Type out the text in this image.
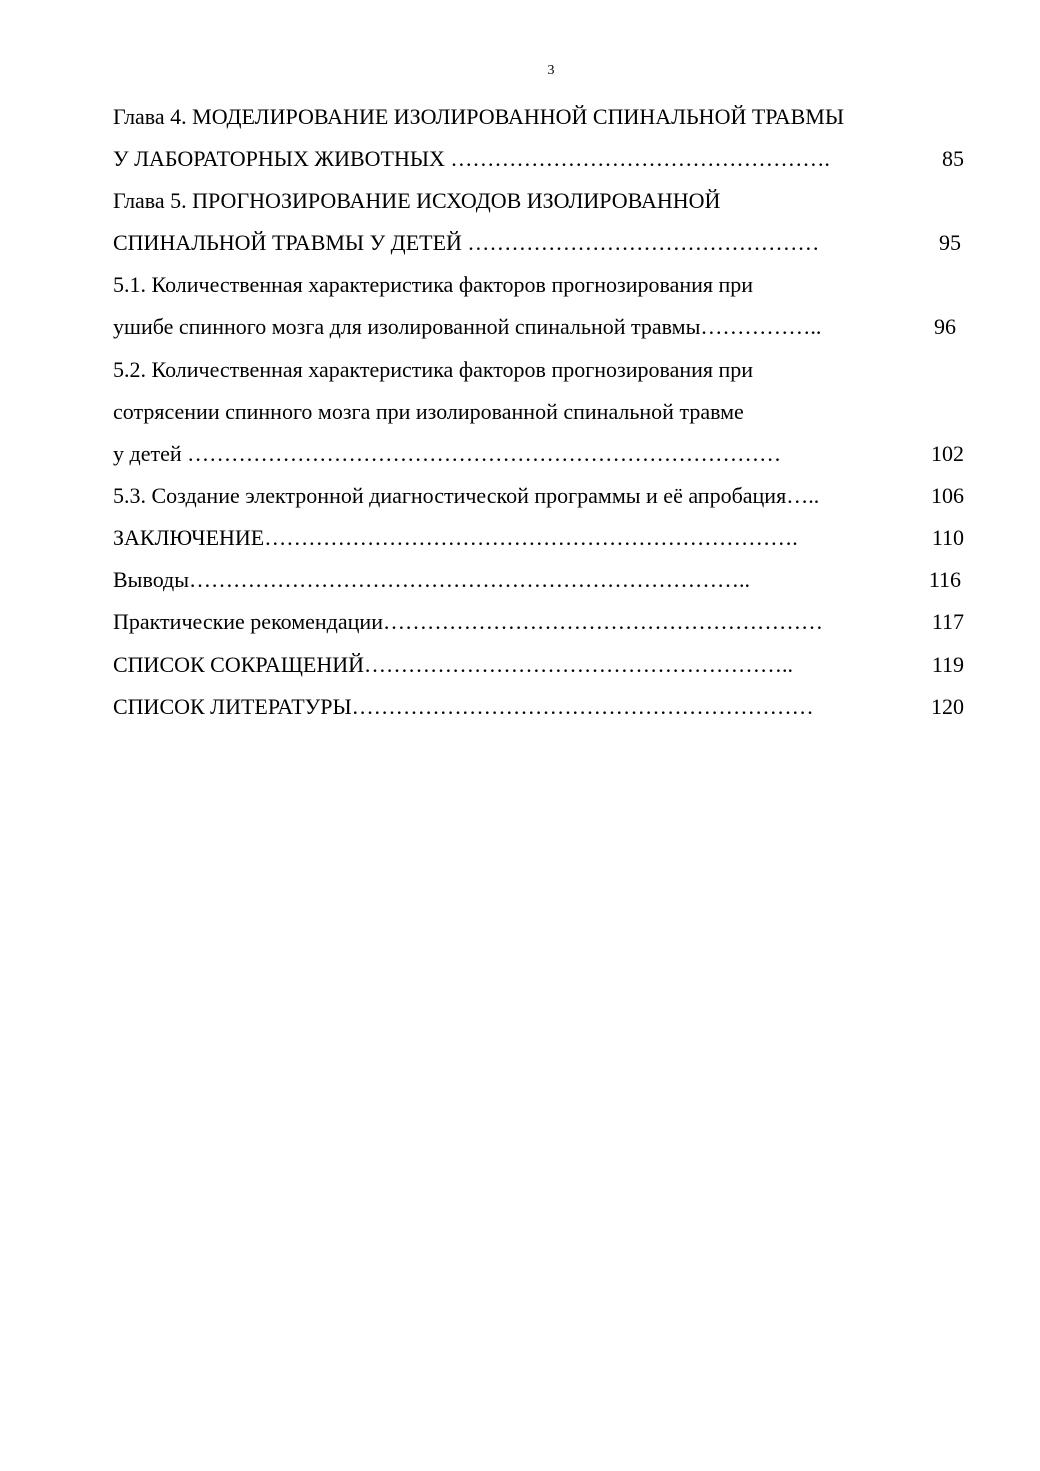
3
Глава 4. МОДЕЛИРОВАНИЕ ИЗОЛИРОВАННОЙ СПИНАЛЬНОЙ ТРАВМЫ
У ЛАБОРАТОРНЫХ ЖИВОТНЫХ …………………………………………….	85
Глава 5. ПРОГНОЗИРОВАНИЕ ИСХОДОВ ИЗОЛИРОВАННОЙ
СПИНАЛЬНОЙ ТРАВМЫ У ДЕТЕЙ …………………………………………	95
5.1. Количественная характеристика факторов прогнозирования при
ушибе спинного мозга для изолированной спинальной травмы……………..	96
5.2. Количественная характеристика факторов прогнозирования при
сотрясении спинного мозга при изолированной спинальной травме
у детей ………………………………………………………………………	102
5.3. Создание электронной диагностической программы и её апробация…..	106
ЗАКЛЮЧЕНИЕ……………………………………………………………….	110
Выводы…………………………………………………………………..	116
Практические рекомендации……………………………………………………	117
СПИСОК СОКРАЩЕНИЙ…………………………………………………..	119
СПИСОК ЛИТЕРАТУРЫ………………………………………………………	120
